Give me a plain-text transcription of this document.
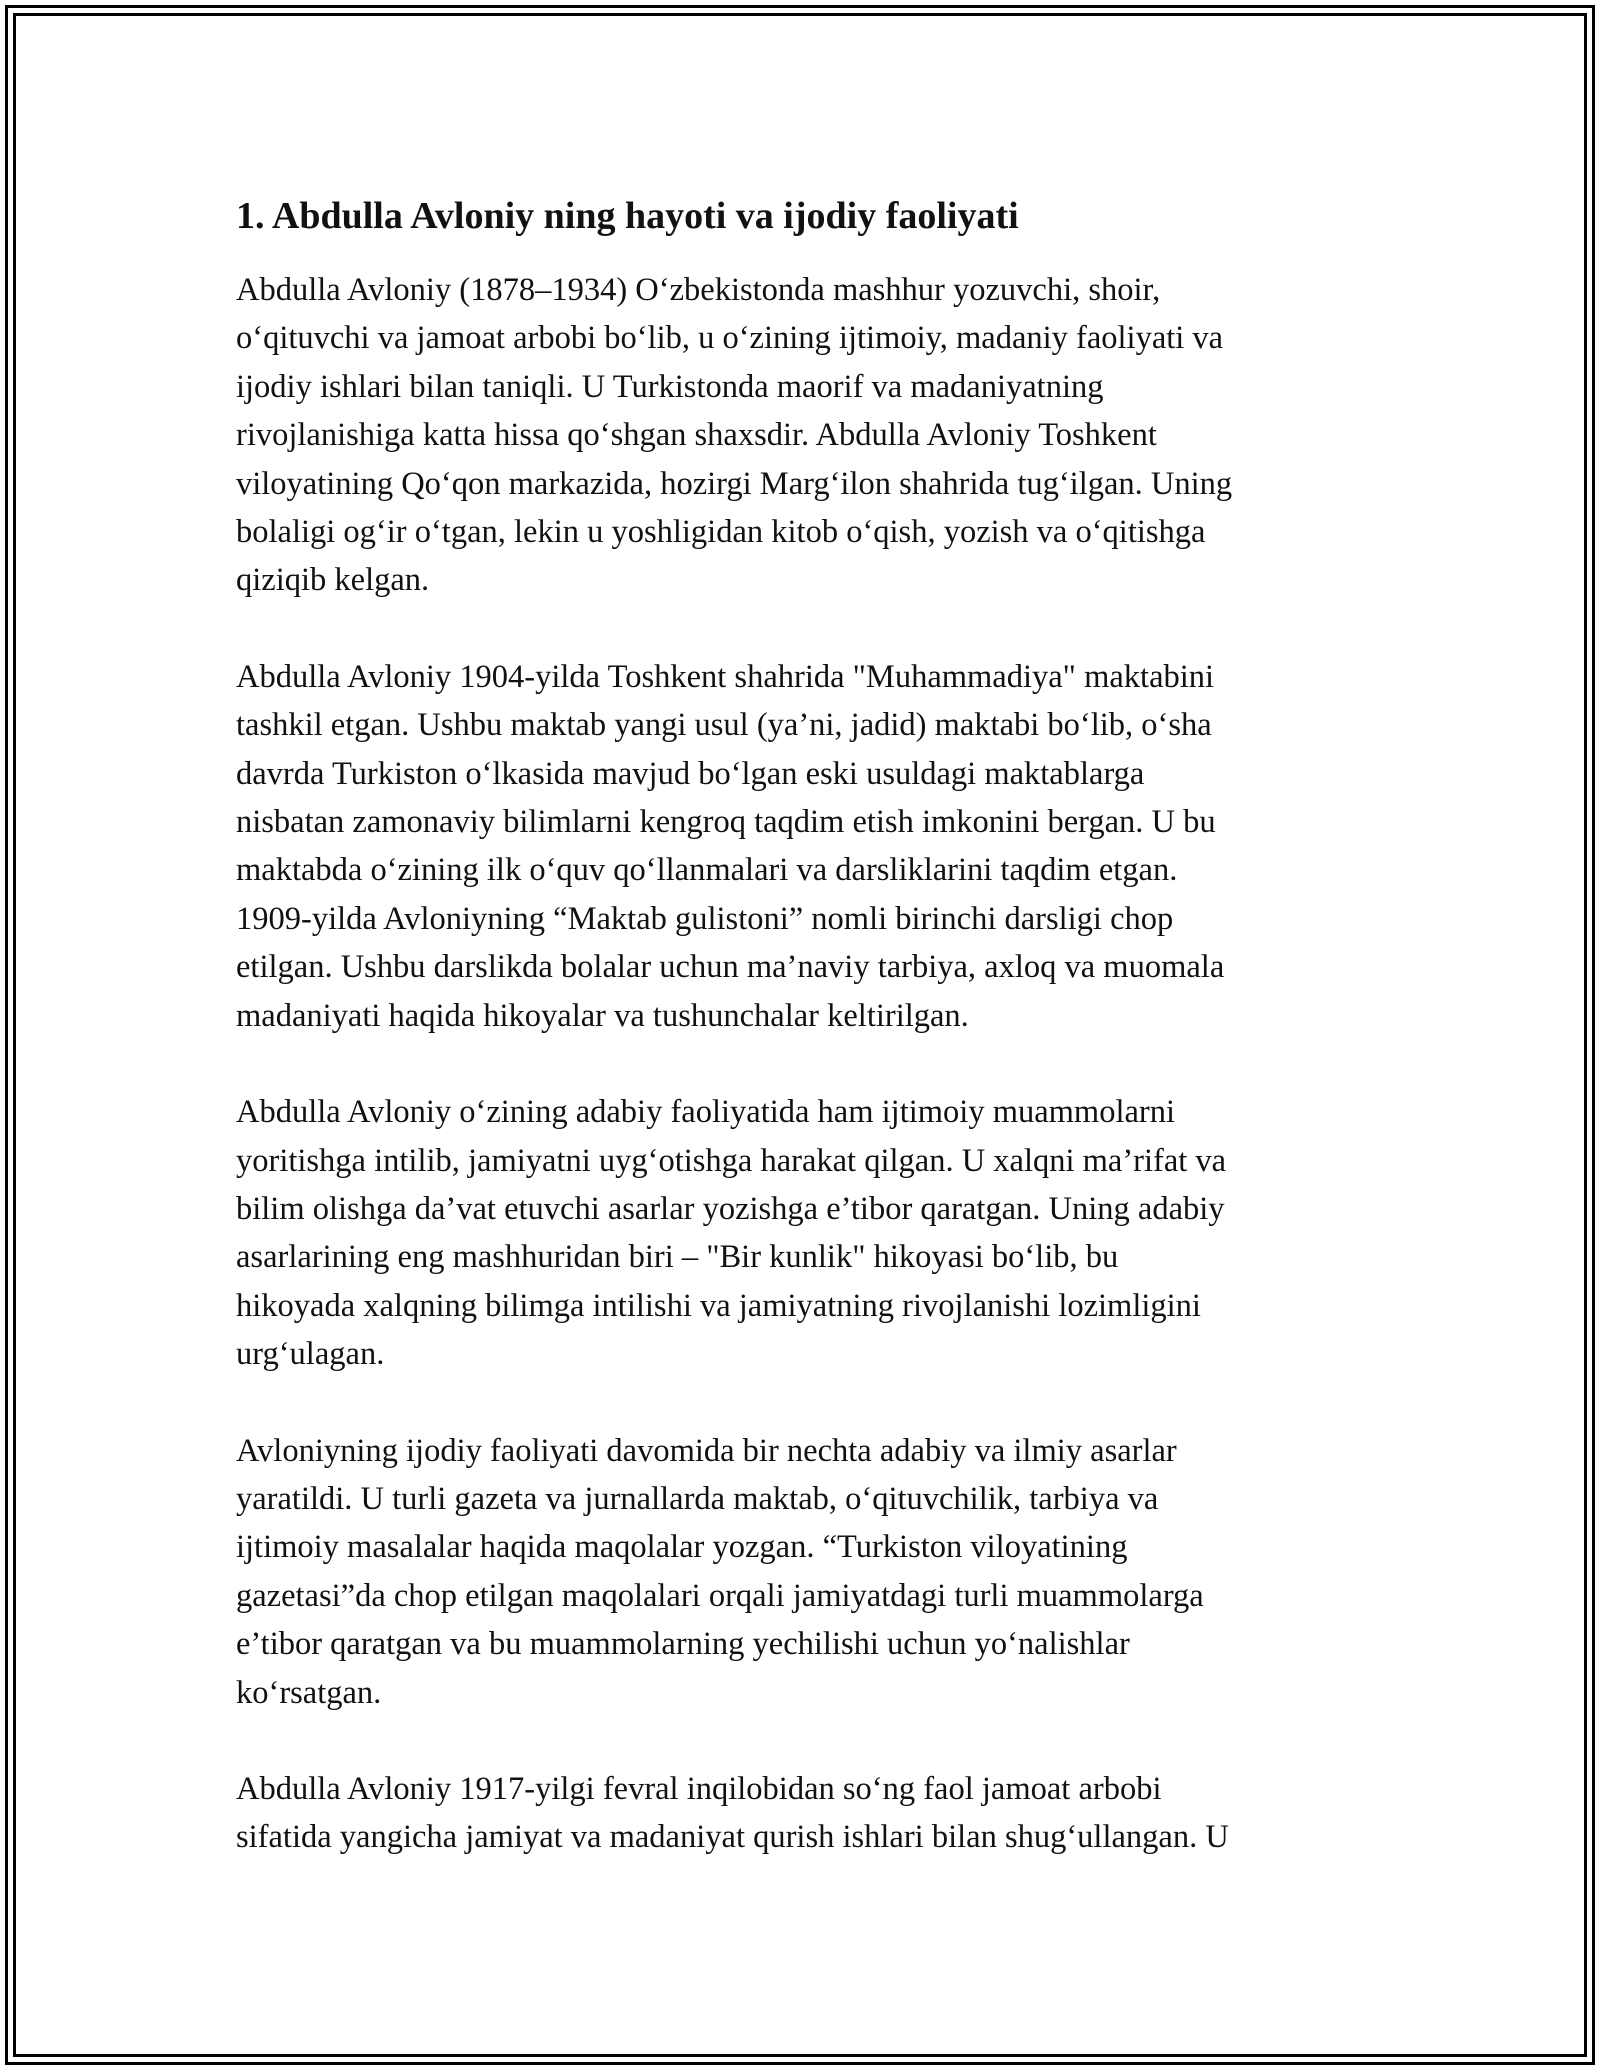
1. Abdulla Avloniy ning hayoti va ijodiy faoliyati

Abdulla Avloniy (1878–1934) Oʻzbekistonda mashhur yozuvchi, shoir,
oʻqituvchi va jamoat arbobi boʻlib, u oʻzining ijtimoiy, madaniy faoliyati va
ijodiy ishlari bilan taniqli. U Turkistonda maorif va madaniyatning
rivojlanishiga katta hissa qoʻshgan shaxsdir. Abdulla Avloniy Toshkent
viloyatining Qoʻqon markazida, hozirgi Margʻilon shahrida tugʻilgan. Uning
bolaligi ogʻir oʻtgan, lekin u yoshligidan kitob oʻqish, yozish va oʻqitishga
qiziqib kelgan.

Abdulla Avloniy 1904-yilda Toshkent shahrida "Muhammadiya" maktabini
tashkil etgan. Ushbu maktab yangi usul (ya’ni, jadid) maktabi boʻlib, oʻsha
davrda Turkiston oʻlkasida mavjud boʻlgan eski usuldagi maktablarga
nisbatan zamonaviy bilimlarni kengroq taqdim etish imkonini bergan. U bu
maktabda oʻzining ilk oʻquv qoʻllanmalari va darsliklarini taqdim etgan.
1909-yilda Avloniyning “Maktab gulistoni” nomli birinchi darsligi chop
etilgan. Ushbu darslikda bolalar uchun ma’naviy tarbiya, axloq va muomala
madaniyati haqida hikoyalar va tushunchalar keltirilgan.

Abdulla Avloniy oʻzining adabiy faoliyatida ham ijtimoiy muammolarni
yoritishga intilib, jamiyatni uygʻotishga harakat qilgan. U xalqni ma’rifat va
bilim olishga da’vat etuvchi asarlar yozishga e’tibor qaratgan. Uning adabiy
asarlarining eng mashhuridan biri – "Bir kunlik" hikoyasi boʻlib, bu
hikoyada xalqning bilimga intilishi va jamiyatning rivojlanishi lozimligini
urgʻulagan.

Avloniyning ijodiy faoliyati davomida bir nechta adabiy va ilmiy asarlar
yaratildi. U turli gazeta va jurnallarda maktab, oʻqituvchilik, tarbiya va
ijtimoiy masalalar haqida maqolalar yozgan. “Turkiston viloyatining
gazetasi”da chop etilgan maqolalari orqali jamiyatdagi turli muammolarga
e’tibor qaratgan va bu muammolarning yechilishi uchun yoʻnalishlar
koʻrsatgan.

Abdulla Avloniy 1917-yilgi fevral inqilobidan soʻng faol jamoat arbobi
sifatida yangicha jamiyat va madaniyat qurish ishlari bilan shugʻullangan. U
